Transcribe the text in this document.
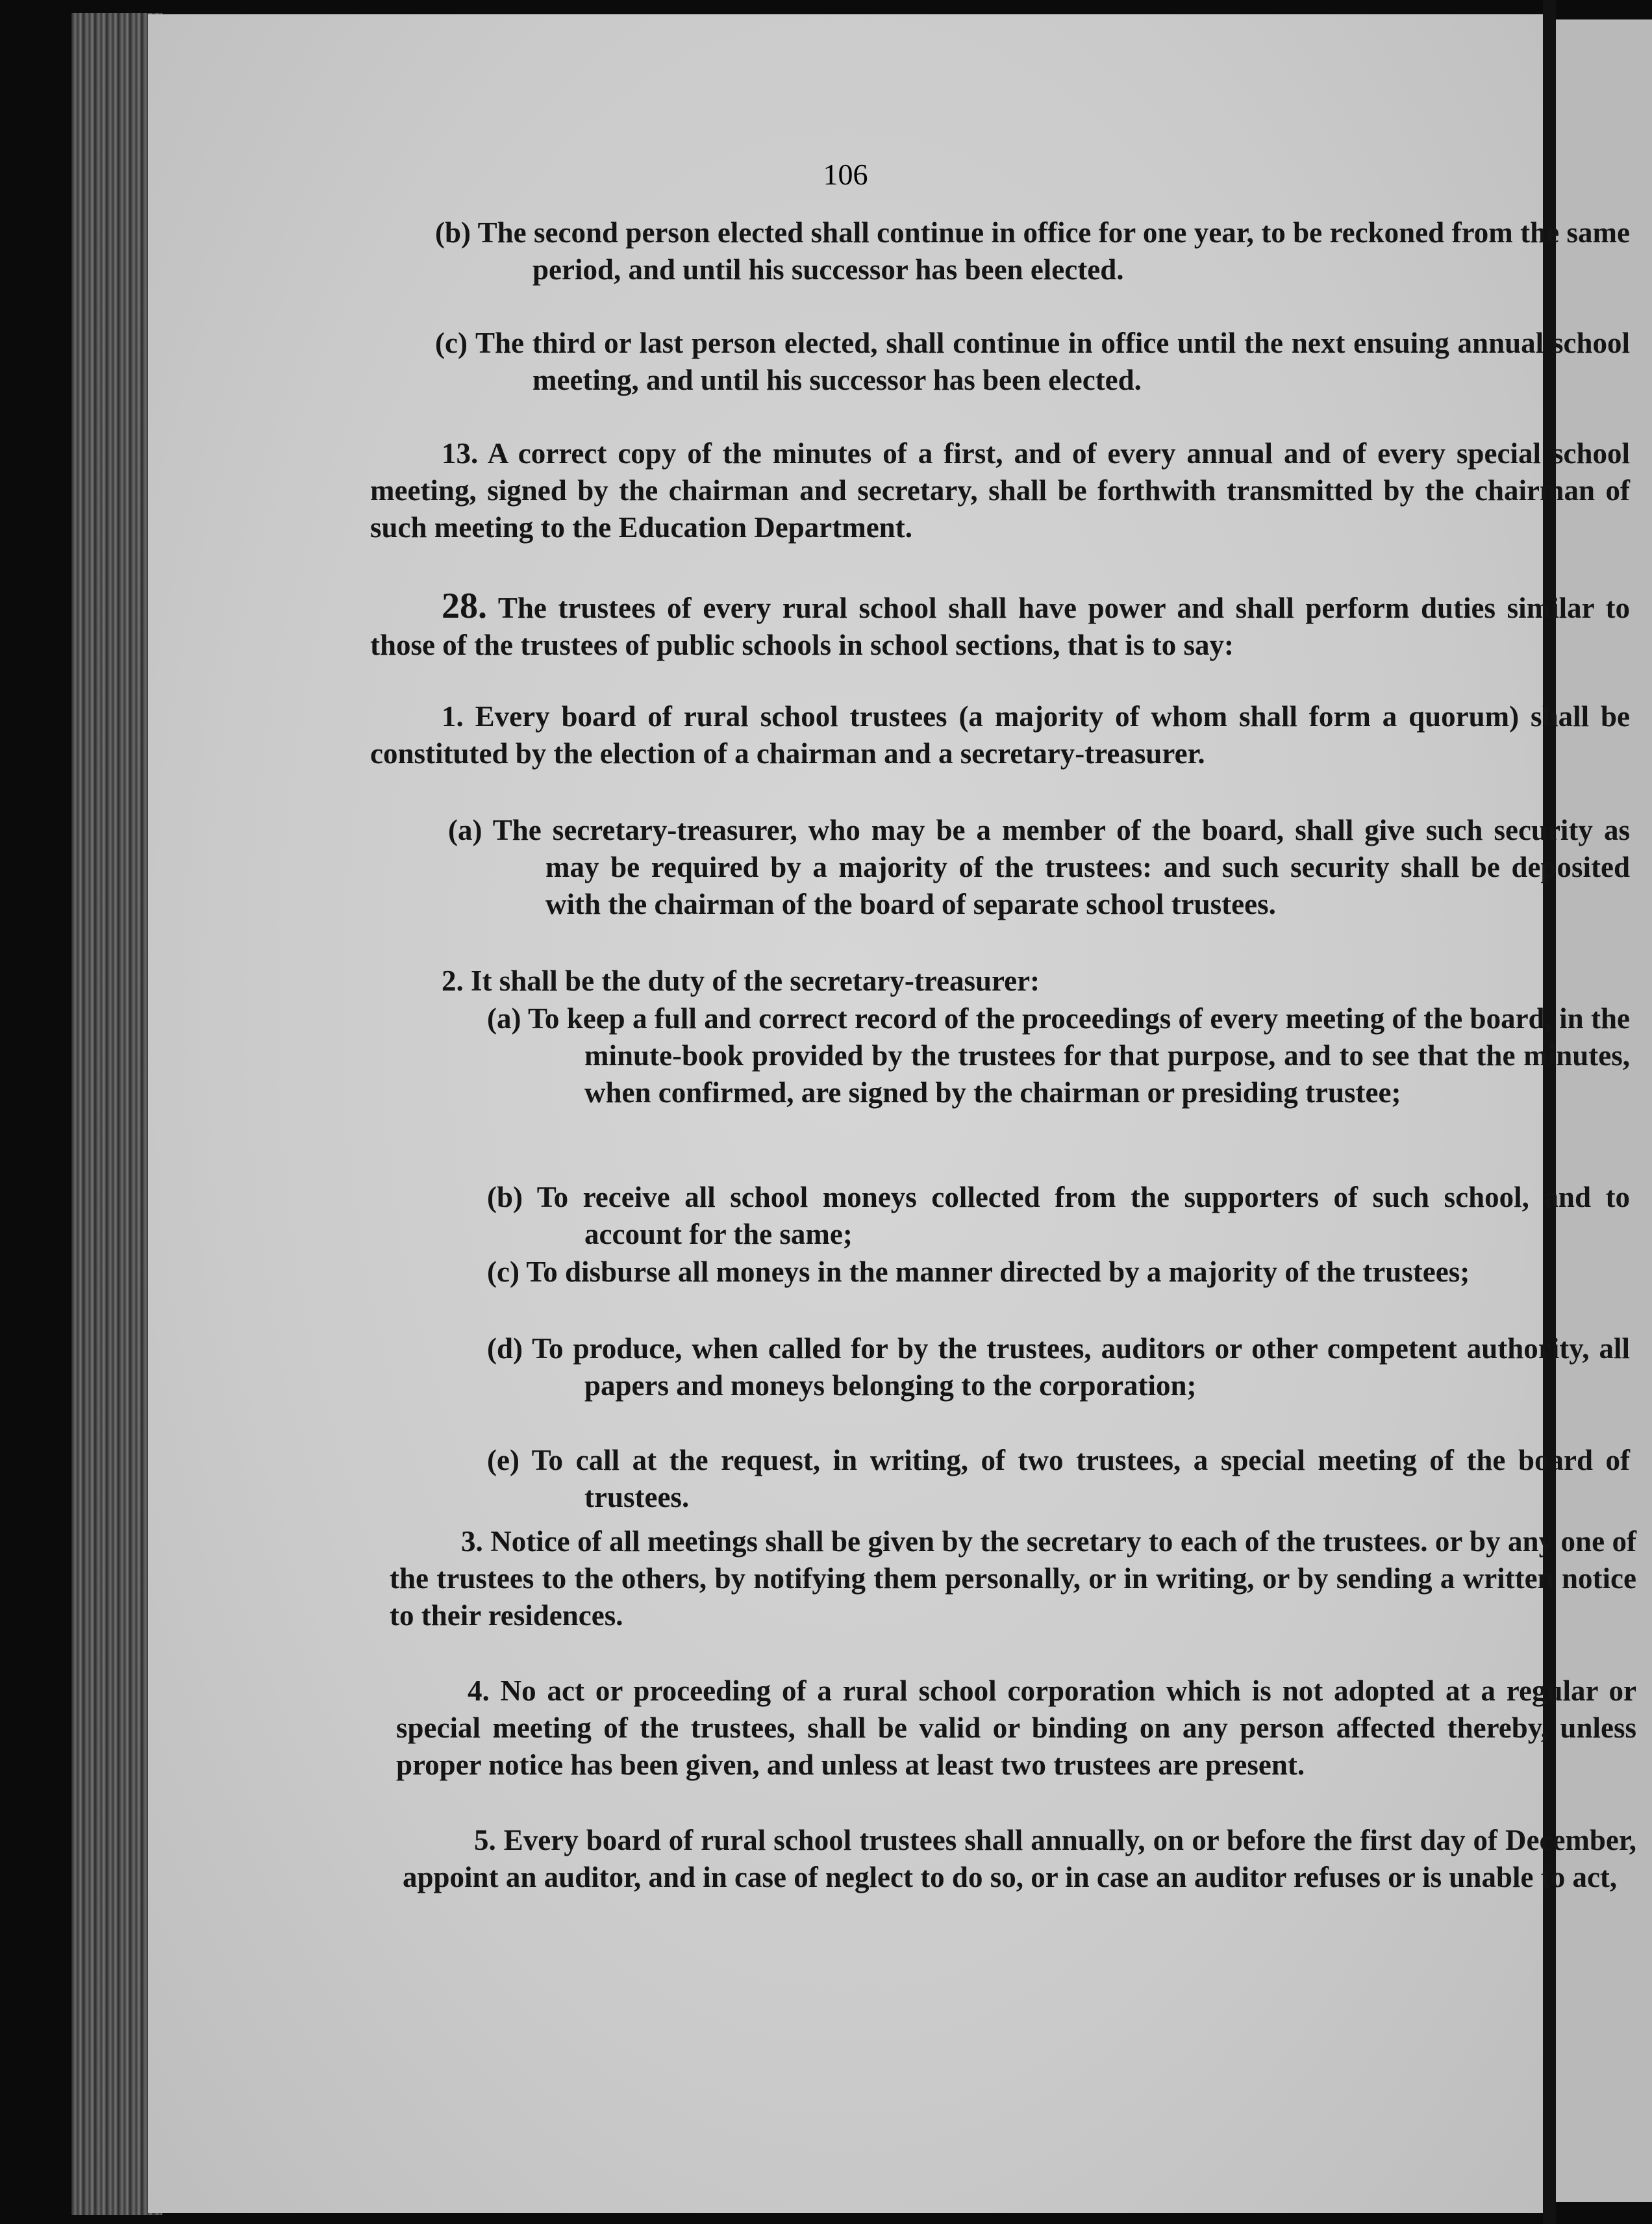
106
(b) The second person elected shall continue in office for one year, to be reckoned from the same period, and until his successor has been elected.
(c) The third or last person elected, shall continue in office until the next ensuing annual school meeting, and until his successor has been elected.
13. A correct copy of the minutes of a first, and of every annual and of every special school meeting, signed by the chairman and secretary, shall be forthwith transmitted by the chairman of such meeting to the Education Department.
28. The trustees of every rural school shall have power and shall perform duties similar to those of the trustees of public schools in school sections, that is to say:
1. Every board of rural school trustees (a majority of whom shall form a quorum) shall be constituted by the election of a chairman and a secretary-treasurer.
(a) The secretary-treasurer, who may be a member of the board, shall give such security as may be required by a majority of the trustees: and such security shall be deposited with the chairman of the board of separate school trustees.
2. It shall be the duty of the secretary-treasurer:
(a) To keep a full and correct record of the proceedings of every meeting of the board, in the minute-book provided by the trustees for that purpose, and to see that the minutes, when confirmed, are signed by the chairman or presiding trustee;
(b) To receive all school moneys collected from the supporters of such school, and to account for the same;
(c) To disburse all moneys in the manner directed by a majority of the trustees;
(d) To produce, when called for by the trustees, auditors or other competent authority, all papers and moneys belonging to the corporation;
(e) To call at the request, in writing, of two trustees, a special meeting of the board of trustees.
3. Notice of all meetings shall be given by the secretary to each of the trustees. or by any one of the trustees to the others, by notifying them personally, or in writing, or by sending a written notice to their residences.
4. No act or proceeding of a rural school corporation which is not adopted at a regular or special meeting of the trustees, shall be valid or binding on any person affected thereby, unless proper notice has been given, and unless at least two trustees are present.
5. Every board of rural school trustees shall annually, on or before the first day of December, appoint an auditor, and in case of neglect to do so, or in case an auditor refuses or is unable to act,
